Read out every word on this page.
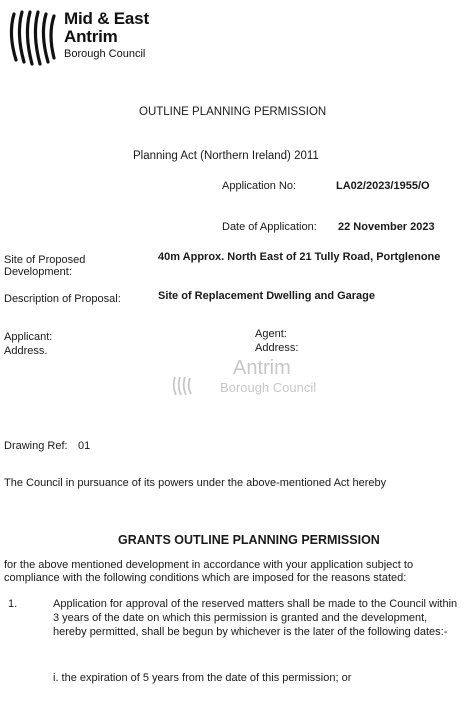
Mid & East
Antrim
Borough Council
OUTLINE PLANNING PERMISSION
Planning Act (Northern Ireland) 2011
Application No:	LA02/2023/1955/O
Date of Application: 22 November 2023
Site of Proposed
Development:
40m Approx. North East of 21 Tully Road, Portglenone
Description of Proposal:	Site of Replacement Dwelling and Garage
Applicant:
Address.
Agent:
Address:
Antrim
Borough Council
Drawing Ref: 01
The Council in pursuance of its powers under the above-mentioned Act hereby
GRANTS OUTLINE PLANNING PERMISSION
for the above mentioned development in accordance with your application subject to
compliance with the following conditions which are imposed for the reasons stated:
1.	Application for approval of the reserved matters shall be made to the Council within
3 years of the date on which this permission is granted and the development,
hereby permitted, shall be begun by whichever is the later of the following dates:-
i. the expiration of 5 years from the date of this permission; or
